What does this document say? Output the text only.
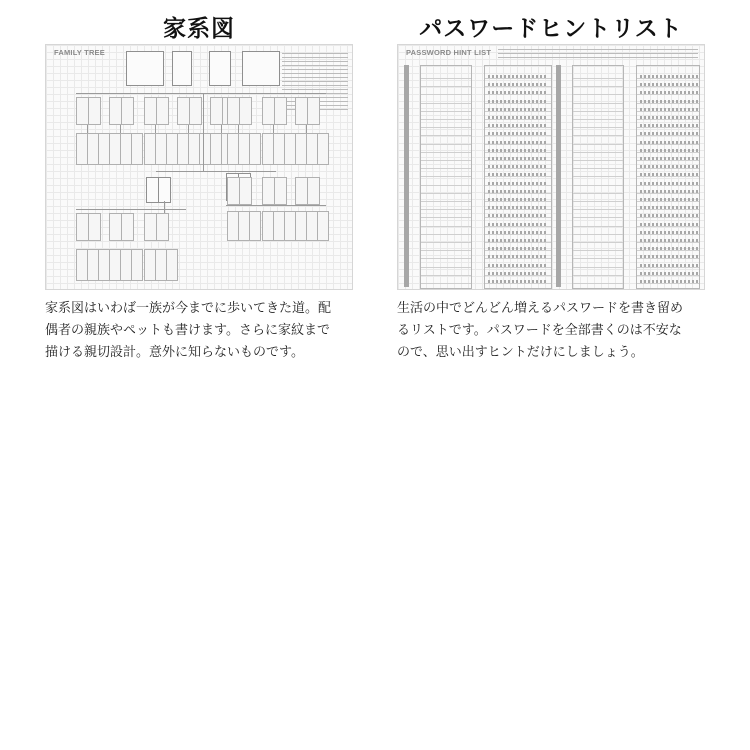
家系図
FAMILY TREE
家系図はいわば一族が今までに歩いてきた道。配
偶者の親族やペットも書けます。さらに家紋まで
描ける親切設計。意外に知らないものです。
パスワードヒントリスト
PASSWORD HINT LIST
生活の中でどんどん増えるパスワードを書き留め
るリストです。パスワードを全部書くのは不安な
ので、思い出すヒントだけにしましょう。
